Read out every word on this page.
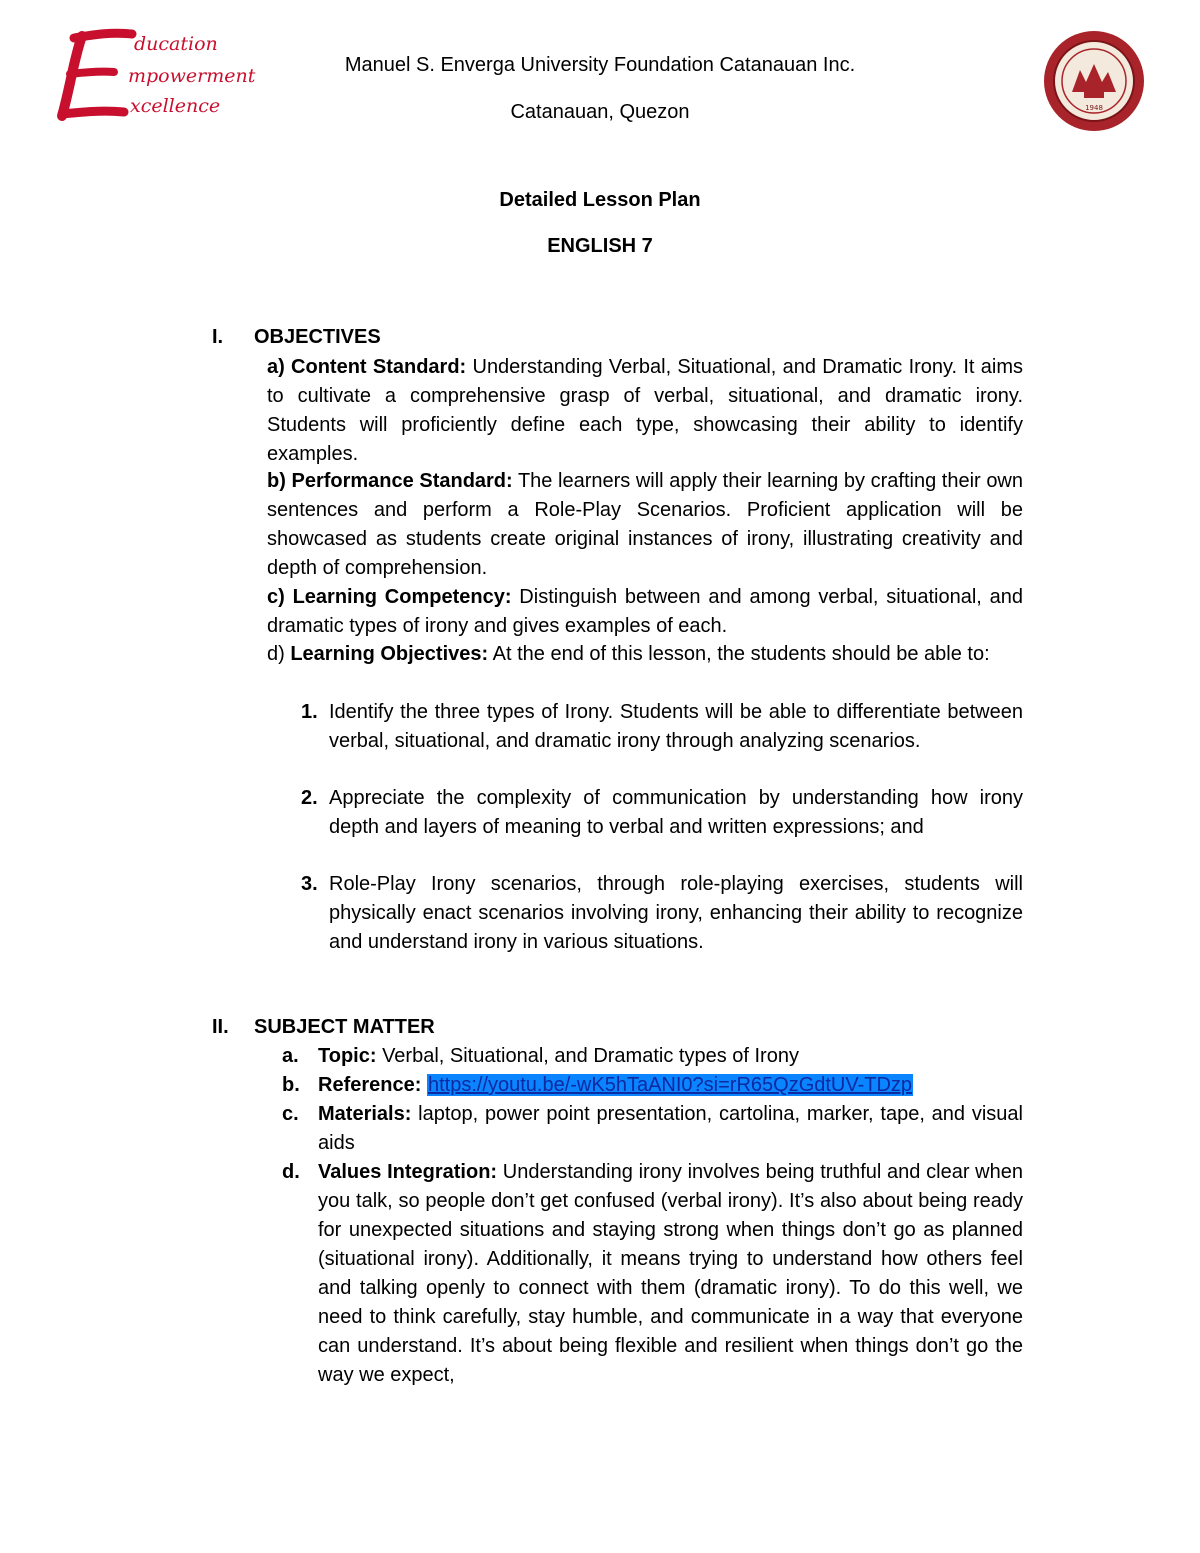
ducation
mpowerment
xcellence	1948
Manuel S. Enverga University Foundation Catanauan Inc.
Catanauan, Quezon
Detailed Lesson Plan
ENGLISH 7
I. OBJECTIVES
a) Content Standard: Understanding Verbal, Situational, and Dramatic Irony. It aims to cultivate a comprehensive grasp of verbal, situational, and dramatic irony. Students will proficiently define each type, showcasing their ability to identify examples.
b) Performance Standard: The learners will apply their learning by crafting their own sentences and perform a Role-Play Scenarios. Proficient application will be showcased as students create original instances of irony, illustrating creativity and depth of comprehension.
c) Learning Competency: Distinguish between and among verbal, situational, and dramatic types of irony and gives examples of each.
d) Learning Objectives: At the end of this lesson, the students should be able to:
1. Identify the three types of Irony. Students will be able to differentiate between verbal, situational, and dramatic irony through analyzing scenarios.
2. Appreciate the complexity of communication by understanding how irony depth and layers of meaning to verbal and written expressions; and
3. Role-Play Irony scenarios, through role-playing exercises, students will physically enact scenarios involving irony, enhancing their ability to recognize and understand irony in various situations.
II. SUBJECT MATTER
a. Topic: Verbal, Situational, and Dramatic types of Irony
b. Reference: https://youtu.be/-wK5hTaANI0?si=rR65QzGdtUV-TDzp
c. Materials: laptop, power point presentation, cartolina, marker, tape, and visual aids
d. Values Integration: Understanding irony involves being truthful and clear when you talk, so people don’t get confused (verbal irony). It’s also about being ready for unexpected situations and staying strong when things don’t go as planned (situational irony). Additionally, it means trying to understand how others feel and talking openly to connect with them (dramatic irony). To do this well, we need to think carefully, stay humble, and communicate in a way that everyone can understand. It’s about being flexible and resilient when things don’t go the way we expect,
